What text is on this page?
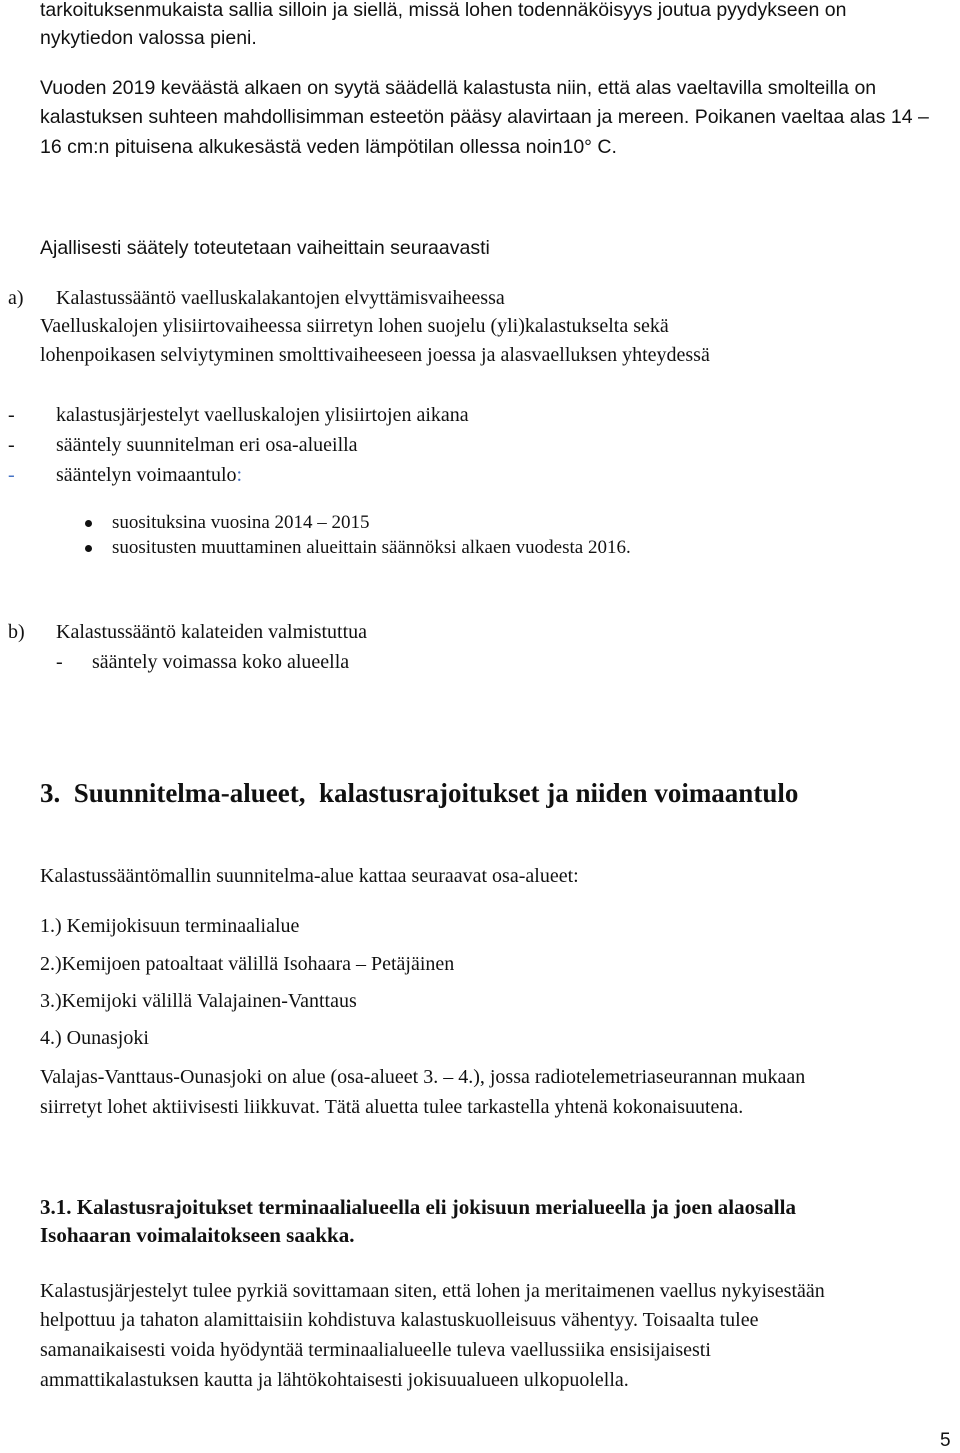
tarkoituksenmukaista sallia silloin ja siellä, missä lohen todennäköisyys joutua pyydykseen on

nykytiedon valossa pieni.

Vuoden 2019 keväästä alkaen on syytä säädellä kalastusta niin, että alas vaeltavilla smolteilla on

kalastuksen suhteen mahdollisimman esteetön pääsy alavirtaan ja mereen. Poikanen vaeltaa alas 14 –

16 cm:n pituisena alkukesästä veden lämpötilan ollessa noin10° C.

Ajallisesti säätely toteutetaan vaiheittain seuraavasti

a) Kalastussääntö vaelluskalakantojen elvyttämisvaiheessa

Vaelluskalojen ylisiirtovaiheessa siirretyn lohen suojelu (yli)kalastukselta sekä

lohenpoikasen selviytyminen smolttivaiheeseen joessa ja alasvaelluksen yhteydessä

- kalastusjärjestelyt vaelluskalojen ylisiirtojen aikana
- sääntely suunnitelman eri osa-alueilla
- sääntelyn voimaantulo:
suosituksina vuosina 2014 – 2015
suositusten muuttaminen alueittain säännöksi alkaen vuodesta 2016.
b) Kalastussääntö kalateiden valmistuttua
- sääntely voimassa koko alueella
3.  Suunnitelma-alueet,  kalastusrajoitukset ja niiden voimaantulo

Kalastussääntömallin suunnitelma-alue kattaa seuraavat osa-alueet:

1.) Kemijokisuun terminaalialue

2.)Kemijoen patoaltaat välillä Isohaara – Petäjäinen

3.)Kemijoki välillä Valajainen-Vanttaus

4.) Ounasjoki

Valajas-Vanttaus-Ounasjoki on alue (osa-alueet 3. – 4.), jossa radiotelemetriaseurannan mukaan

siirretyt lohet aktiivisesti liikkuvat. Tätä aluetta tulee tarkastella yhtenä kokonaisuutena.

3.1. Kalastusrajoitukset terminaalialueella eli jokisuun merialueella ja joen alaosalla
Isohaaran voimalaitokseen saakka.

Kalastusjärjestelyt tulee pyrkiä sovittamaan siten, että lohen ja meritaimenen vaellus nykyisestään

helpottuu ja tahaton alamittaisiin kohdistuva kalastuskuolleisuus vähentyy. Toisaalta tulee

samanaikaisesti voida hyödyntää terminaalialueelle tuleva vaellussiika ensisijaisesti

ammattikalastuksen kautta ja lähtökohtaisesti jokisuualueen ulkopuolella.

5
